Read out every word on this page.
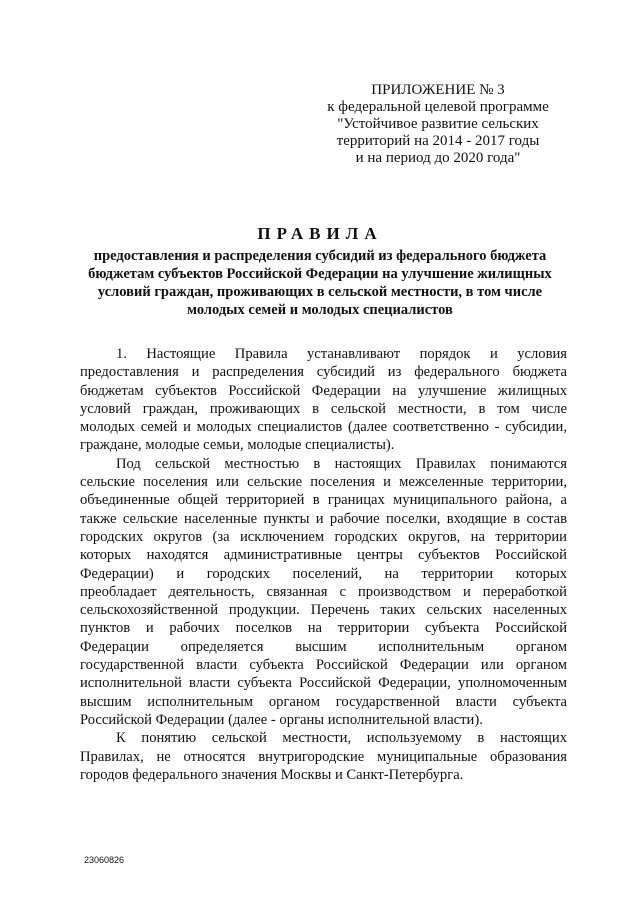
ПРИЛОЖЕНИЕ № 3
к федеральной целевой программе
"Устойчивое развитие сельских
территорий на 2014 - 2017 годы
и на период до 2020 года"
ПРАВИЛА
предоставления и распределения субсидий из федерального бюджета
бюджетам субъектов Российской Федерации на улучшение жилищных
условий граждан, проживающих в сельской местности, в том числе
молодых семей и молодых специалистов
1. Настоящие Правила устанавливают порядок и условия
предоставления и распределения субсидий из федерального бюджета
бюджетам субъектов Российской Федерации на улучшение жилищных
условий граждан, проживающих в сельской местности, в том числе
молодых семей и молодых специалистов (далее соответственно - субсидии,
граждане, молодые семьи, молодые специалисты).
Под сельской местностью в настоящих Правилах понимаются
сельские поселения или сельские поселения и межселенные территории,
объединенные общей территорией в границах муниципального района, а
также сельские населенные пункты и рабочие поселки, входящие в состав
городских округов (за исключением городских округов, на территории
которых находятся административные центры субъектов Российской
Федерации) и городских поселений, на территории которых
преобладает деятельность, связанная с производством и переработкой
сельскохозяйственной продукции. Перечень таких сельских населенных
пунктов и рабочих поселков на территории субъекта Российской
Федерации определяется высшим исполнительным органом
государственной власти субъекта Российской Федерации или органом
исполнительной власти субъекта Российской Федерации, уполномоченным
высшим исполнительным органом государственной власти субъекта
Российской Федерации (далее - органы исполнительной власти).
К понятию сельской местности, используемому в настоящих
Правилах, не относятся внутригородские муниципальные образования
городов федерального значения Москвы и Санкт-Петербурга.
23060826
